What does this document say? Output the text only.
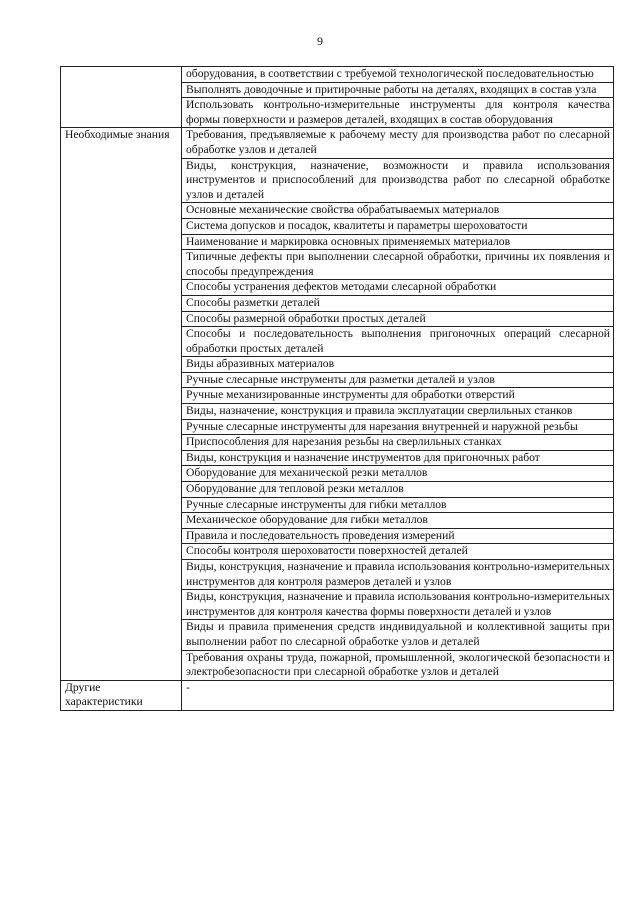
9

	оборудования, в соответствии с требуемой технологической последовательностью

	Выполнять доводочные и притирочные работы на деталях, входящих в состав узла

	Использовать контрольно-измерительные инструменты для контроля качества формы поверхности и размеров деталей, входящих в состав оборудования

Необходимые знания	Требования, предъявляемые к рабочему месту для производства работ по слесарной обработке узлов и деталей

	Виды, конструкция, назначение, возможности и правила использования инструментов и приспособлений для производства работ по слесарной обработке узлов и деталей

	Основные механические свойства обрабатываемых материалов

	Система допусков и посадок, квалитеты и параметры шероховатости

	Наименование и маркировка основных применяемых материалов

	Типичные дефекты при выполнении слесарной обработки, причины их появления и способы предупреждения

	Способы устранения дефектов методами слесарной обработки

	Способы разметки деталей

	Способы размерной обработки простых деталей

	Способы и последовательность выполнения пригоночных операций слесарной обработки простых деталей

	Виды абразивных материалов

	Ручные слесарные инструменты для разметки деталей и узлов

	Ручные механизированные инструменты для обработки отверстий

	Виды, назначение, конструкция и правила эксплуатации сверлильных станков

	Ручные слесарные инструменты для нарезания внутренней и наружной резьбы

	Приспособления для нарезания резьбы на сверлильных станках

	Виды, конструкция и назначение инструментов для пригоночных работ

	Оборудование для механической резки металлов

	Оборудование для тепловой резки металлов

	Ручные слесарные инструменты для гибки металлов

	Механическое оборудование для гибки металлов

	Правила и последовательность проведения измерений

	Способы контроля шероховатости поверхностей деталей

	Виды, конструкция, назначение и правила использования контрольно-измерительных инструментов для контроля размеров деталей и узлов

	Виды, конструкция, назначение и правила использования контрольно-измерительных инструментов для контроля качества формы поверхности деталей и узлов

	Виды и правила применения средств индивидуальной и коллективной защиты при выполнении работ по слесарной обработке узлов и деталей

	Требования охраны труда, пожарной, промышленной, экологической безопасности и электробезопасности при слесарной обработке узлов и деталей

Другие характеристики	-
